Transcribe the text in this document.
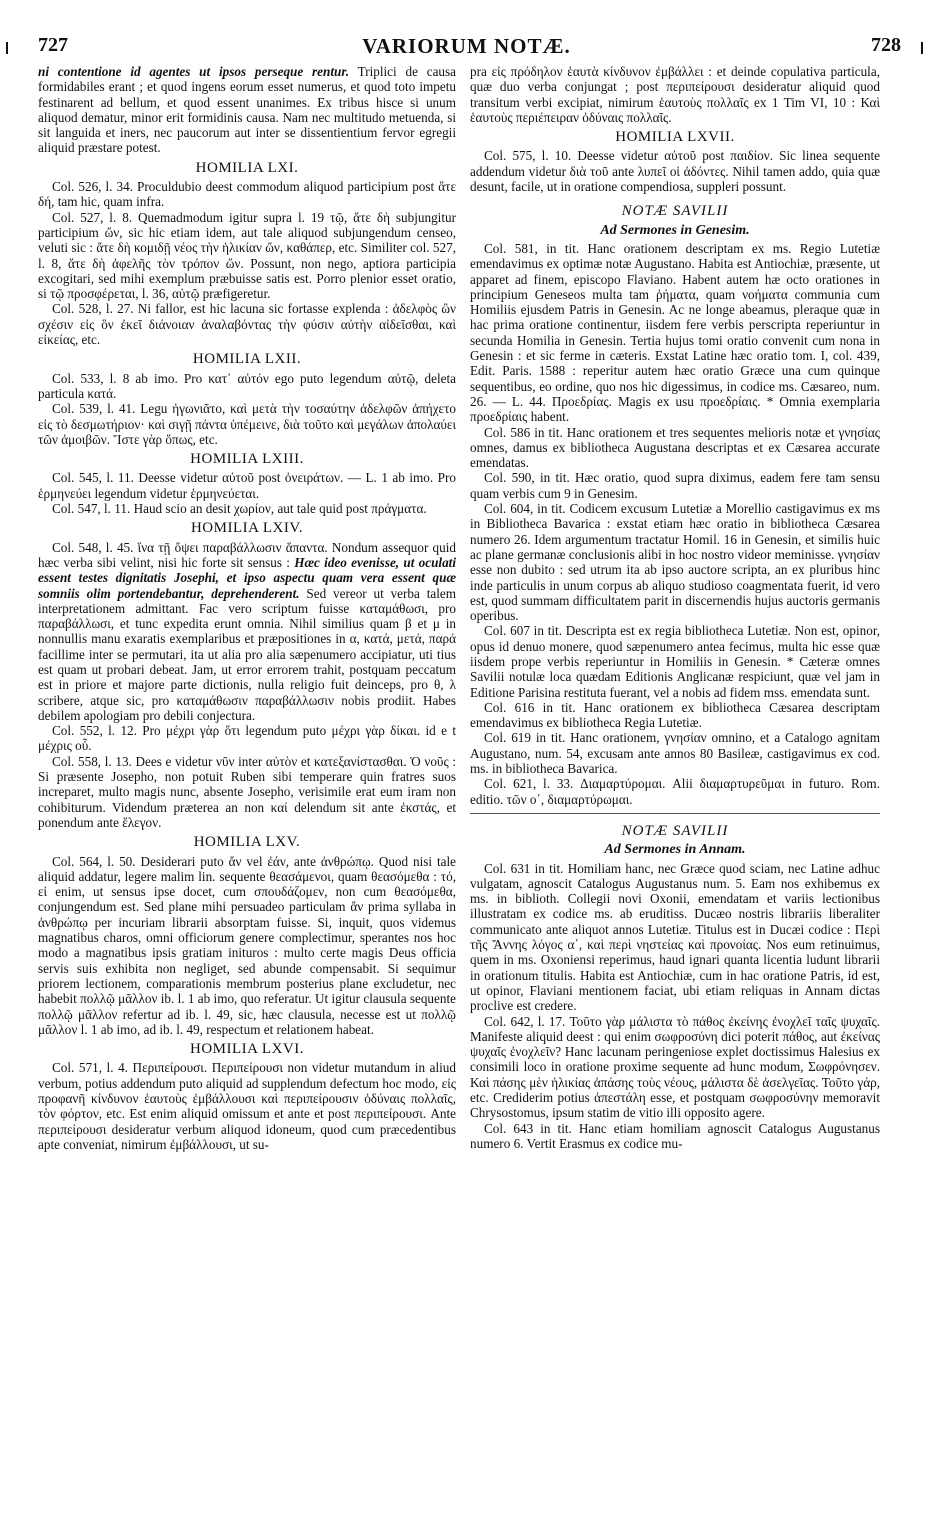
727	VARIORUM NOTÆ.	728

ni contentione id agentes ut ipsos perseque rentur. Triplici de causa formidabiles erant ; et quod ingens eorum esset numerus, et quod toto impetu festinarent ad bellum, et quod essent unanimes. Ex tribus hisce si unum aliquod dematur, minor erit formidinis causa. Nam nec multitudo metuenda, si sit languida et iners, nec paucorum aut inter se dissentientium fervor egregii aliquid præstare potest.

HOMILIA LXI.

Col. 526, l. 34. Proculdubio deest commodum aliquod participium post ἄτε δή, tam hic, quam infra.

Col. 527, l. 8. Quemadmodum igitur supra l. 19 τῷ, ἄτε δὴ subjungitur participium ὤν, sic hic etiam idem, aut tale aliquod subjungendum censeo, veluti sic : ἄτε δὴ κομιδῇ νέος τὴν ἡλικίαν ὤν, καθάπερ, etc. Similiter col. 527, l. 8, ἄτε δὴ ἀφελῆς τὸν τρόπον ὤν. Possunt, non nego, aptiora participia excogitari, sed mihi exemplum præbuisse satis est. Porro plenior esset oratio, si τῷ προσφέρεται, l. 36, αὐτῷ præfigeretur.

Col. 528, l. 27. Ni fallor, est hic lacuna sic fortasse explenda : ἀδελφὸς ὢν σχέσιν εἰς ὃν ἐκεῖ διάνοιαν ἀναλαβόντας τὴν φύσιν αὐτὴν αἰδεῖσθαι, καὶ εἰκείας, etc.

HOMILIA LXII.

Col. 533, l. 8 ab imo. Pro κατ᾽ αὐτόν ego puto legendum αὐτῷ, deleta particula κατά.

Col. 539, l. 41. Legu ἠγωνιᾶτο, καὶ μετὰ τὴν τοσαύτην ἀδελφῶν ἀπήχετο εἰς τὸ δεσμωτήριον· καὶ σιγῇ πάντα ὑπέμεινε, διὰ τοῦτο καὶ μεγάλων ἀπολαύει τῶν ἀμοιβῶν. Ἴστε γὰρ ὅπως, etc.

HOMILIA LXIII.

Col. 545, l. 11. Deesse videtur αὐτοῦ post ὀνειράτων. — L. 1 ab imo. Pro ἑρμηνεύει legendum videtur ἑρμηνεύεται.

Col. 547, l. 11. Haud scio an desit χωρίον, aut tale quid post πράγματα.

HOMILIA LXIV.

Col. 548, l. 45. ἵνα τῇ ὄψει παραβάλλωσιν ἅπαντα. Nondum assequor quid hæc verba sibi velint, nisi hic forte sit sensus : Hæc ideo evenisse, ut oculati essent testes dignitatis Josephi, et ipso aspectu quam vera essent quæ somniis olim portendebantur, deprehenderent. Sed vereor ut verba talem interpretationem admittant. Fac vero scriptum fuisse καταμάθωσι, pro παραβάλλωσι, et tunc expedita erunt omnia. Nihil similius quam β et μ in nonnullis manu exaratis exemplaribus et præpositiones in α, κατά, μετά, παρά facillime inter se permutari, ita ut alia pro alia sæpenumero accipiatur, uti tius est quam ut probari debeat. Jam, ut error errorem trahit, postquam peccatum est in priore et majore parte dictionis, nulla religio fuit deinceps, pro θ, λ scribere, atque sic, pro καταμάθωσιν παραβάλλωσιν nobis prodiit. Habes debilem apologiam pro debili conjectura.

Col. 552, l. 12. Pro μέχρι γὰρ ὅτι legendum puto μέχρι γὰρ δίκαι. id e t μέχρις οὗ.

Col. 558, l. 13. Dees e videtur νῦν inter αὐτὸν et κατεξανίστασθαι. Ὁ νοῦς : Si præsente Josepho, non potuit Ruben sibi temperare quin fratres suos increparet, multo magis nunc, absente Josepho, verisimile erat eum iram non cohibiturum. Videndum præterea an non καί delendum sit ante ἐκστάς, et ponendum ante ἔλεγον.

HOMILIA LXV.

Col. 564, l. 50. Desiderari puto ἄν vel ἐάν, ante ἀνθρώπῳ. Quod nisi tale aliquid addatur, legere malim lin. sequente θεασάμενοι, quam θεασόμεθα : τό, εἰ enim, ut sensus ipse docet, cum σπουδάζομεν, non cum θεασόμεθα, conjungendum est. Sed plane mihi persuadeo particulam ἄν prima syllaba in ἀνθρώπῳ per incuriam librarii absorptam fuisse. Si, inquit, quos videmus magnatibus charos, omni officiorum genere complectimur, sperantes nos hoc modo a magnatibus ipsis gratiam inituros : multo certe magis Deus officia servis suis exhibita non negliget, sed abunde compensabit. Si sequimur priorem lectionem, comparationis membrum posterius plane excludetur, nec habebit πολλῷ μᾶλλον ib. l. 1 ab imo, quo referatur. Ut igitur clausula sequente πολλῷ μᾶλλον refertur ad ib. l. 49, sic, hæc clausula, necesse est ut πολλῷ μᾶλλον l. 1 ab imo, ad ib. l. 49, respectum et relationem habeat.

HOMILIA LXVI.

Col. 571, l. 4. Περιπείρουσι. Περιπείρουσι non videtur mutandum in aliud verbum, potius addendum puto aliquid ad supplendum defectum hoc modo, εἰς προφανῆ κίνδυνον ἑαυτοὺς ἐμβάλλουσι καὶ περιπείρουσιν ὀδύναις πολλαῖς, τὸν φόρτον, etc. Est enim aliquid omissum et ante et post περιπείρουσι. Ante περιπείρουσι desideratur verbum aliquod idoneum, quod cum præcedentibus apte conveniat, nimirum ἐμβάλλουσι, ut su-

pra εἰς πρόδηλον ἑαυτὰ κίνδυνον ἐμβάλλει : et deinde copulativa particula, quæ duo verba conjungat ; post περιπείρουσι desideratur aliquid quod transitum verbi excipiat, nimirum ἑαυτοὺς πολλαῖς ex 1 Tim VI, 10 : Καὶ ἑαυτοὺς περιέπειραν ὀδύναις πολλαῖς.

HOMILIA LXVII.

Col. 575, l. 10. Deesse videtur αὐτοῦ post παιδίον. Sic linea sequente addendum videtur διὰ τοῦ ante λυπεῖ οἱ ἀδόντες. Nihil tamen addo, quia quæ desunt, facile, ut in oratione compendiosa, suppleri possunt.

NOTÆ SAVILII
Ad Sermones in Genesim.

Col. 581, in tit. Hanc orationem descriptam ex ms. Regio Lutetiæ emendavimus ex optimæ notæ Augustano. Habita est Antiochiæ, præsente, ut apparet ad finem, episcopo Flaviano. Habent autem hæ octo orationes in principium Geneseos multa tam ῥήματα, quam νοήματα communia cum Homiliis ejusdem Patris in Genesin. Ac ne longe abeamus, pleraque quæ in hac prima oratione continentur, iisdem fere verbis perscripta reperiuntur in secunda Homilia in Genesin. Tertia hujus tomi oratio convenit cum nona in Genesin : et sic ferme in cæteris. Exstat Latine hæc oratio tom. I, col. 439, Edit. Paris. 1588 : reperitur autem hæc oratio Græce una cum quinque sequentibus, eo ordine, quo nos hic digessimus, in codice ms. Cæsareo, num. 26. — L. 44. Προεδρίας. Magis ex usu προεδρίαις. * Omnia exemplaria προεδρίαις habent.

Col. 586 in tit. Hanc orationem et tres sequentes melioris notæ et γνησίας omnes, damus ex bibliotheca Augustana descriptas et ex Cæsarea accurate emendatas.

Col. 590, in tit. Hæc oratio, quod supra diximus, eadem fere tam sensu quam verbis cum 9 in Genesim.

Col. 604, in tit. Codicem excusum Lutetiæ a Morellio castigavimus ex ms in Bibliotheca Bavarica : exstat etiam hæc oratio in bibliotheca Cæsarea numero 26. Idem argumentum tractatur Homil. 16 in Genesin, et similis huic ac plane germanæ conclusionis alibi in hoc nostro videor meminisse. γνησίαν esse non dubito : sed utrum ita ab ipso auctore scripta, an ex pluribus hinc inde particulis in unum corpus ab aliquo studioso coagmentata fuerit, id vero est, quod summam difficultatem parit in discernendis hujus auctoris germanis operibus.

Col. 607 in tit. Descripta est ex regia bibliotheca Lutetiæ. Non est, opinor, opus id denuo monere, quod sæpenumero antea fecimus, multa hic esse quæ iisdem prope verbis reperiuntur in Homiliis in Genesin. * Cæteræ omnes Savilii notulæ loca quædam Editionis Anglicanæ respiciunt, quæ vel jam in Editione Parisina restituta fuerant, vel a nobis ad fidem mss. emendata sunt.

Col. 616 in tit. Hanc orationem ex bibliotheca Cæsarea descriptam emendavimus ex bibliotheca Regia Lutetiæ.

Col. 619 in tit. Hanc orationem, γνησίαν omnino, et a Catalogo agnitam Augustano, num. 54, excusam ante annos 80 Basileæ, castigavimus ex cod. ms. in bibliotheca Bavarica.

Col. 621, l. 33. Διαμαρτύρομαι. Alii διαμαρτυρεῦμαι in futuro. Rom. editio. τῶν ο΄, διαμαρτύρωμαι.

NOTÆ SAVILII
Ad Sermones in Annam.

Col. 631 in tit. Homiliam hanc, nec Græce quod sciam, nec Latine adhuc vulgatam, agnoscit Catalogus Augustanus num. 5. Eam nos exhibemus ex ms. in biblioth. Collegii novi Oxonii, emendatam et variis lectionibus illustratam ex codice ms. ab eruditiss. Ducæo nostris librariis liberaliter communicato ante aliquot annos Lutetiæ. Titulus est in Ducæi codice : Περὶ τῆς Ἄννης λόγος α΄, καὶ περὶ νηστείας καὶ προνοίας. Nos eum retinuimus, quem in ms. Oxoniensi reperimus, haud ignari quanta licentia ludunt librarii in orationum titulis. Habita est Antiochiæ, cum in hac oratione Patris, id est, ut opinor, Flaviani mentionem faciat, ubi etiam reliquas in Annam dictas proclive est credere.

Col. 642, l. 17. Τοῦτο γὰρ μάλιστα τὸ πάθος ἐκείνης ἐνοχλεῖ ταῖς ψυχαῖς. Manifeste aliquid deest : qui enim σωφροσύνη dici poterit πάθος, aut ἐκείνας ψυχαῖς ἐνοχλεῖν? Hanc lacunam peringeniose explet doctissimus Halesius ex consimili loco in oratione proxime sequente ad hunc modum, Σωφρόνησεν. Καὶ πάσης μὲν ἡλικίας ἁπάσης τοὺς νέους, μάλιστα δὲ ἀσελγεῖας. Τοῦτο γάρ, etc. Crediderim potius ἀπεστάλη esse, et postquam σωφροσύνην memoravit Chrysostomus, ipsum statim de vitio illi opposito agere.

Col. 643 in tit. Hanc etiam homiliam agnoscit Catalogus Augustanus numero 6. Vertit Erasmus ex codice mu-
